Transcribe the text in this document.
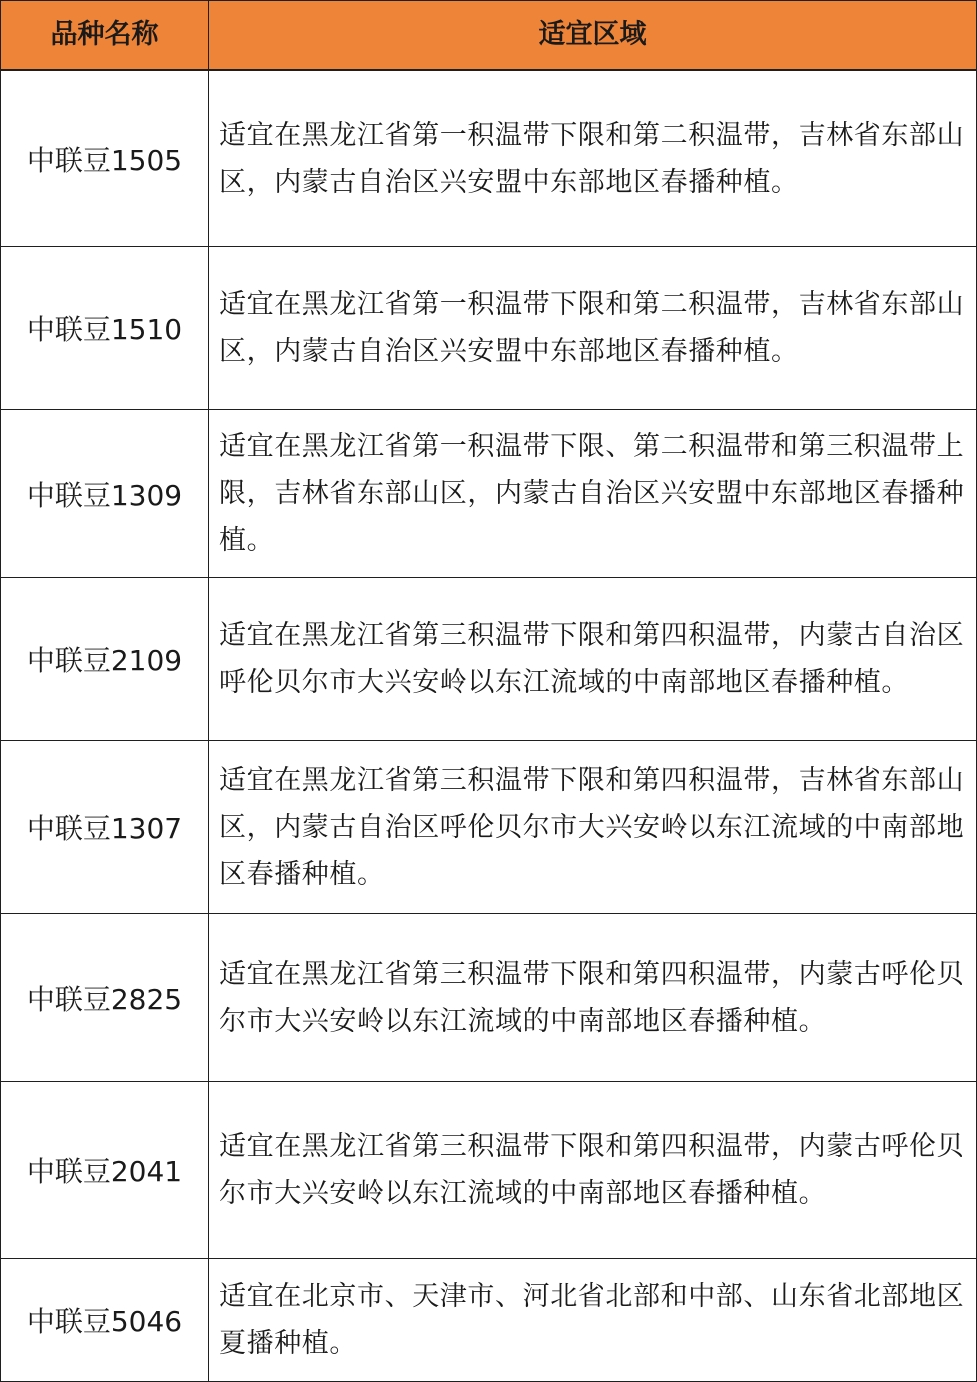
品种名称	适宜区域
中联豆1505
适宜在黑龙江省第一积温带下限和第二积温带，吉林省东部山区，内蒙古自治区兴安盟中东部地区春播种植。
中联豆1510
适宜在黑龙江省第一积温带下限和第二积温带，吉林省东部山区，内蒙古自治区兴安盟中东部地区春播种植。
中联豆1309
适宜在黑龙江省第一积温带下限、第二积温带和第三积温带上限，吉林省东部山区，内蒙古自治区兴安盟中东部地区春播种植。
中联豆2109
适宜在黑龙江省第三积温带下限和第四积温带，内蒙古自治区呼伦贝尔市大兴安岭以东江流域的中南部地区春播种植。
中联豆1307
适宜在黑龙江省第三积温带下限和第四积温带，吉林省东部山区，内蒙古自治区呼伦贝尔市大兴安岭以东江流域的中南部地区春播种植。
中联豆2825
适宜在黑龙江省第三积温带下限和第四积温带，内蒙古呼伦贝尔市大兴安岭以东江流域的中南部地区春播种植。
中联豆2041
适宜在黑龙江省第三积温带下限和第四积温带，内蒙古呼伦贝尔市大兴安岭以东江流域的中南部地区春播种植。
中联豆5046
适宜在北京市、天津市、河北省北部和中部、山东省北部地区夏播种植。
